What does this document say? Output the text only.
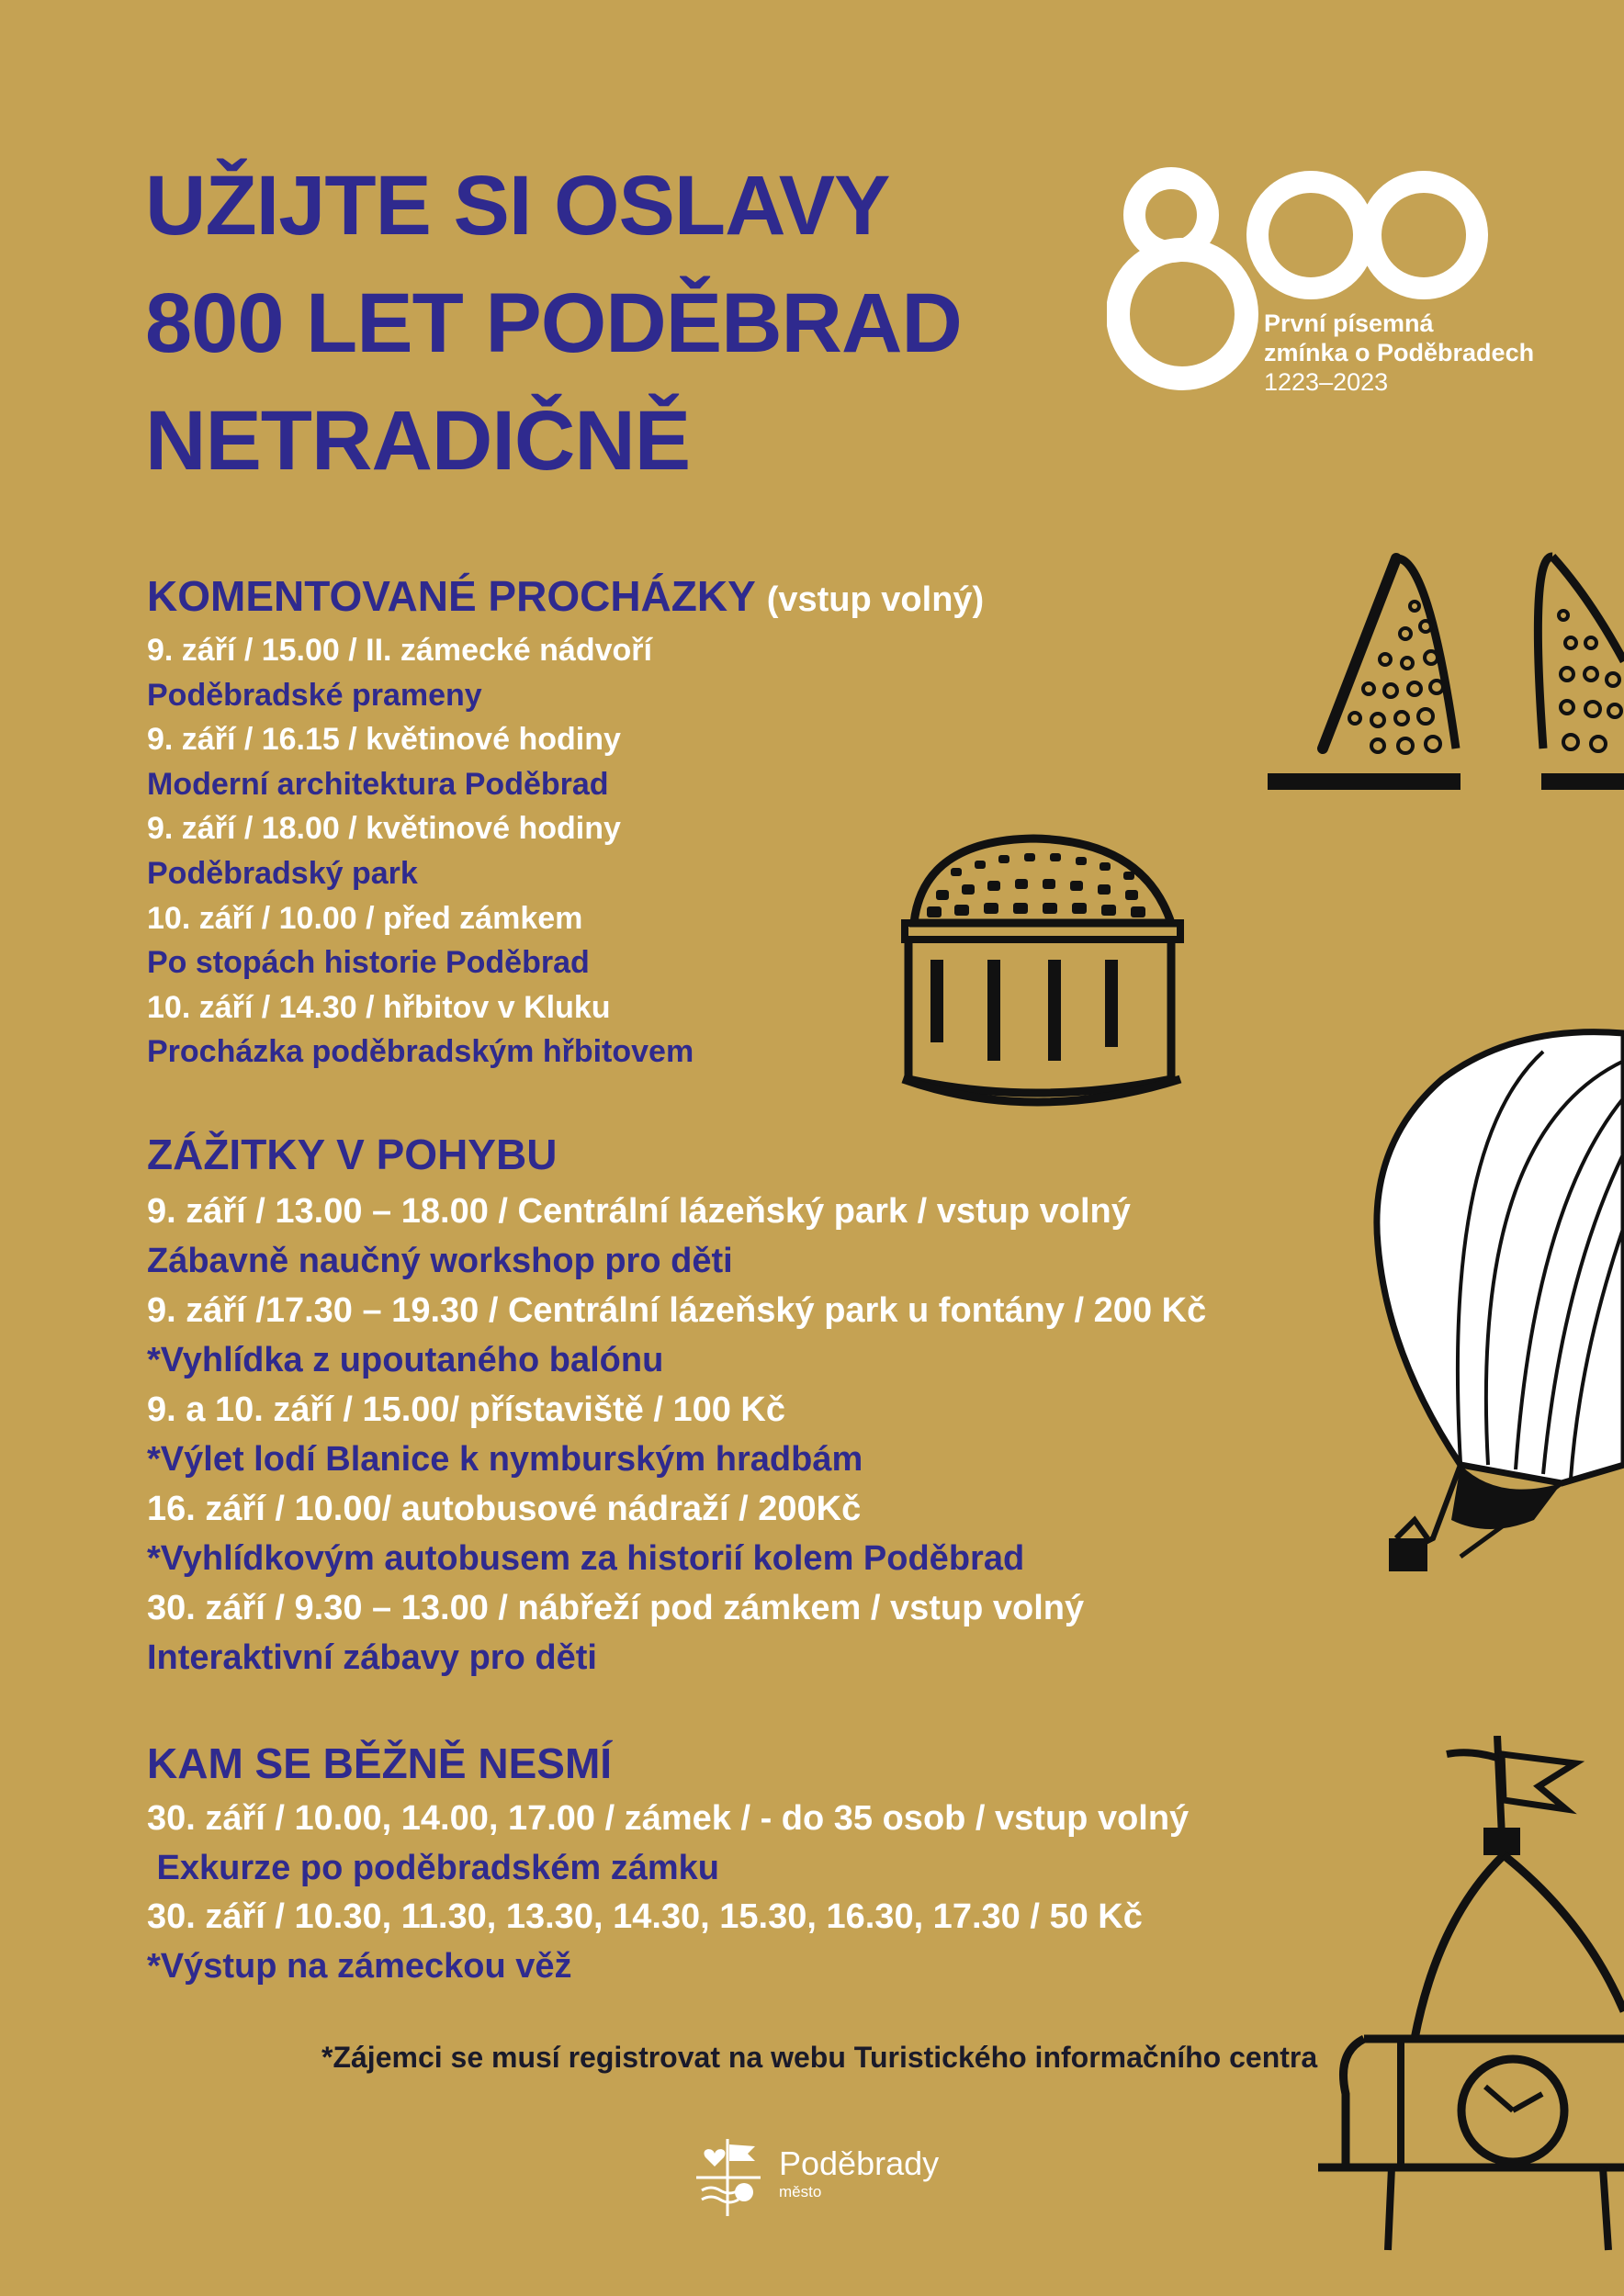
UŽIJTE SI OSLAVY
800 LET PODĚBRAD
NETRADIČNĚ
První písemná
zmínka o Poděbradech
1223–2023
KOMENTOVANÉ PROCHÁZKY (vstup volný)
9. září / 15.00 / II. zámecké nádvoří
Poděbradské prameny
9. září / 16.15 / květinové hodiny
Moderní architektura Poděbrad
9. září / 18.00 / květinové hodiny
Poděbradský park
10. září / 10.00 / před zámkem
Po stopách historie Poděbrad
10. září / 14.30 / hřbitov v Kluku
Procházka poděbradským hřbitovem
ZÁŽITKY V POHYBU
9. září / 13.00 – 18.00 / Centrální lázeňský park / vstup volný
Zábavně naučný workshop pro děti
9. září /17.30 – 19.30 / Centrální lázeňský park u fontány / 200 Kč
*Vyhlídka z upoutaného balónu
9. a 10. září / 15.00/ přístaviště / 100 Kč
*Výlet lodí Blanice k nymburským hradbám
16. září / 10.00/ autobusové nádraží / 200Kč
*Vyhlídkovým autobusem za historií kolem Poděbrad
30. září / 9.30 – 13.00 / nábřeží pod zámkem / vstup volný
Interaktivní zábavy pro děti
KAM SE BĚŽNĚ NESMÍ
30. září / 10.00, 14.00, 17.00 / zámek / - do 35 osob / vstup volný
Exkurze po poděbradském zámku
30. září / 10.30, 11.30, 13.30, 14.30, 15.30, 16.30, 17.30 / 50 Kč
*Výstup na zámeckou věž
*Zájemci se musí registrovat na webu Turistického informačního centra
Poděbrady
město
